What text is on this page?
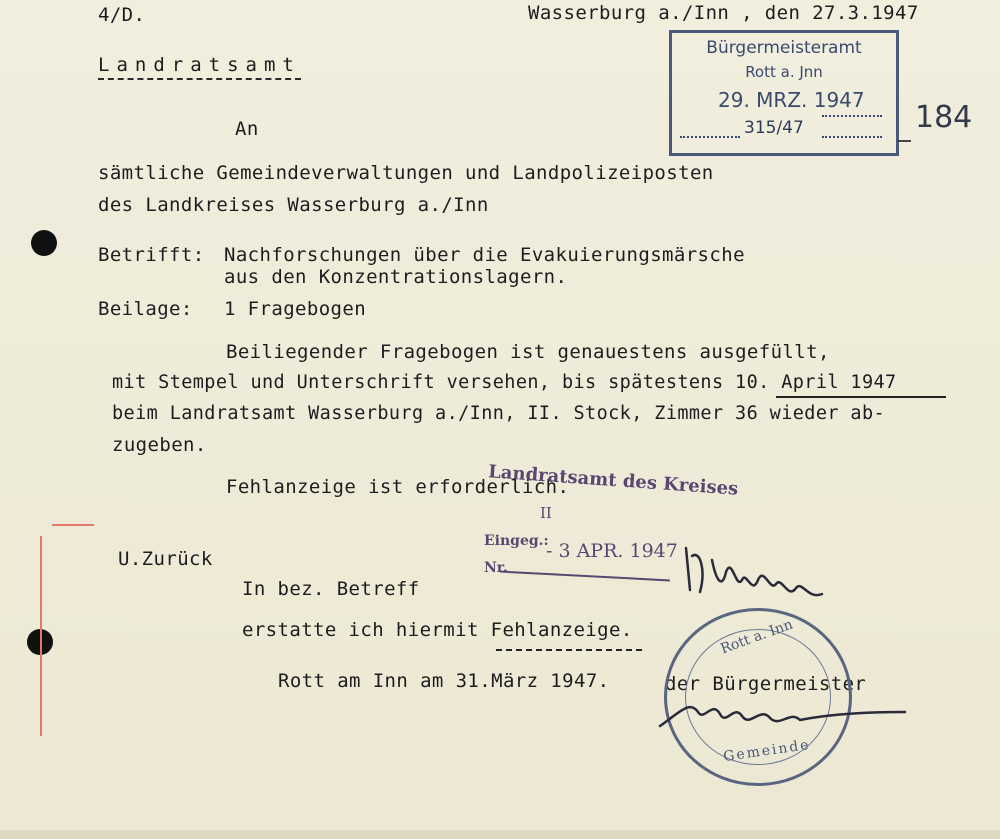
4/D.	Wasserburg a./Inn , den 27.3.1947
Landratsamt
Bürgermeisteramt
Rott a. Jnn
29. MRZ. 1947
315/47	184
An
sämtliche Gemeindeverwaltungen und Landpolizeiposten
des Landkreises Wasserburg a./Inn
Betrifft: Nachforschungen über die Evakuierungsmärsche
aus den Konzentrationslagern.
Beilage: 1 Fragebogen
Beiliegender Fragebogen ist genauestens ausgefüllt,
mit Stempel und Unterschrift versehen, bis spätestens 10. April 1947
beim Landratsamt Wasserburg a./Inn, II. Stock, Zimmer 36 wieder ab-
zugeben.
Fehlanzeige ist erforderlich.
Landratsamt des Kreises
II
Eingeg.:
- 3 APR. 1947
Nr.
U.Zurück
In bez. Betreff
erstatte ich hiermit Fehlanzeige.
Rott am Inn am 31.März 1947.	der Bürgermeister
Rott a. Inn
Gemeinde
